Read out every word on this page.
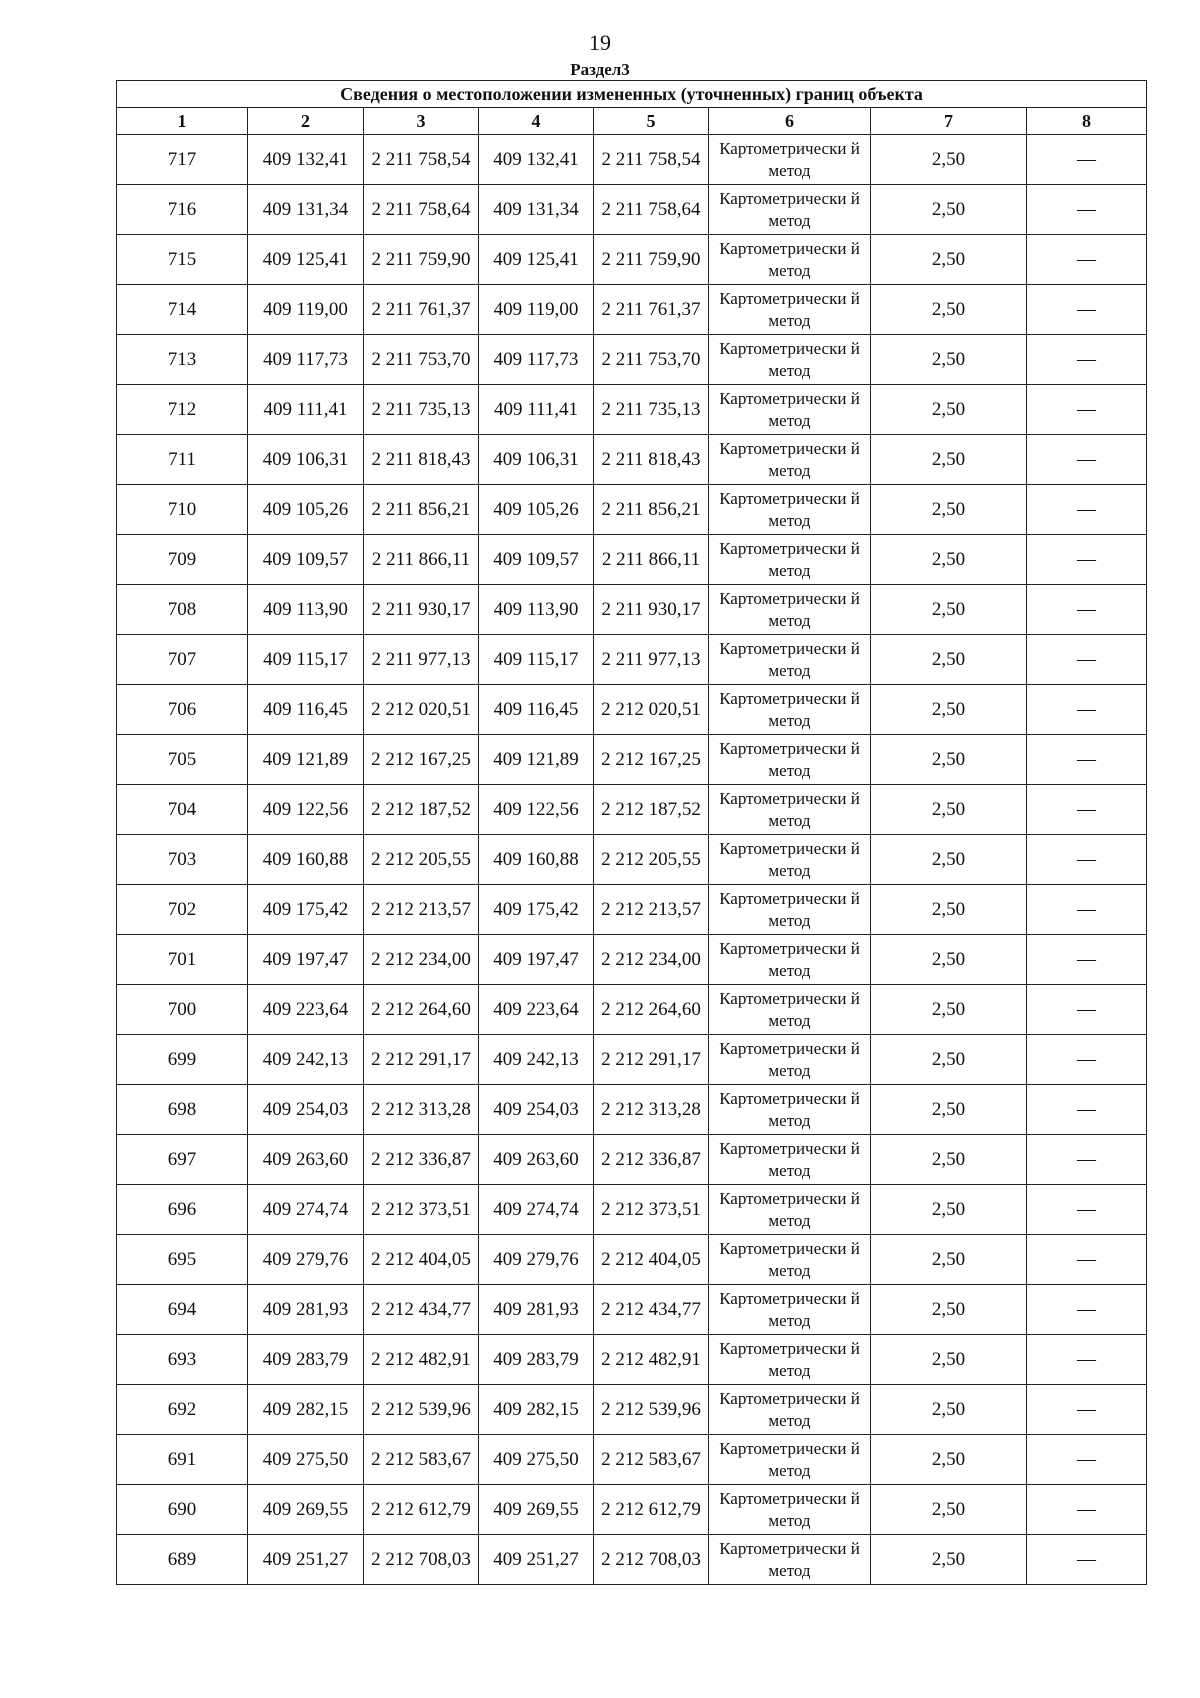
19
Раздел3
Сведения о местоположении измененных (уточненных) границ объекта							
1	2	3	4	5	6	7	8
717	409 132,41	2 211 758,54	409 132,41	2 211 758,54	Картометрически й метод	2,50	—
716	409 131,34	2 211 758,64	409 131,34	2 211 758,64	Картометрически й метод	2,50	—
715	409 125,41	2 211 759,90	409 125,41	2 211 759,90	Картометрически й метод	2,50	—
714	409 119,00	2 211 761,37	409 119,00	2 211 761,37	Картометрически й метод	2,50	—
713	409 117,73	2 211 753,70	409 117,73	2 211 753,70	Картометрически й метод	2,50	—
712	409 111,41	2 211 735,13	409 111,41	2 211 735,13	Картометрически й метод	2,50	—
711	409 106,31	2 211 818,43	409 106,31	2 211 818,43	Картометрически й метод	2,50	—
710	409 105,26	2 211 856,21	409 105,26	2 211 856,21	Картометрически й метод	2,50	—
709	409 109,57	2 211 866,11	409 109,57	2 211 866,11	Картометрически й метод	2,50	—
708	409 113,90	2 211 930,17	409 113,90	2 211 930,17	Картометрически й метод	2,50	—
707	409 115,17	2 211 977,13	409 115,17	2 211 977,13	Картометрически й метод	2,50	—
706	409 116,45	2 212 020,51	409 116,45	2 212 020,51	Картометрически й метод	2,50	—
705	409 121,89	2 212 167,25	409 121,89	2 212 167,25	Картометрически й метод	2,50	—
704	409 122,56	2 212 187,52	409 122,56	2 212 187,52	Картометрически й метод	2,50	—
703	409 160,88	2 212 205,55	409 160,88	2 212 205,55	Картометрически й метод	2,50	—
702	409 175,42	2 212 213,57	409 175,42	2 212 213,57	Картометрически й метод	2,50	—
701	409 197,47	2 212 234,00	409 197,47	2 212 234,00	Картометрически й метод	2,50	—
700	409 223,64	2 212 264,60	409 223,64	2 212 264,60	Картометрически й метод	2,50	—
699	409 242,13	2 212 291,17	409 242,13	2 212 291,17	Картометрически й метод	2,50	—
698	409 254,03	2 212 313,28	409 254,03	2 212 313,28	Картометрически й метод	2,50	—
697	409 263,60	2 212 336,87	409 263,60	2 212 336,87	Картометрически й метод	2,50	—
696	409 274,74	2 212 373,51	409 274,74	2 212 373,51	Картометрически й метод	2,50	—
695	409 279,76	2 212 404,05	409 279,76	2 212 404,05	Картометрически й метод	2,50	—
694	409 281,93	2 212 434,77	409 281,93	2 212 434,77	Картометрически й метод	2,50	—
693	409 283,79	2 212 482,91	409 283,79	2 212 482,91	Картометрически й метод	2,50	—
692	409 282,15	2 212 539,96	409 282,15	2 212 539,96	Картометрически й метод	2,50	—
691	409 275,50	2 212 583,67	409 275,50	2 212 583,67	Картометрически й метод	2,50	—
690	409 269,55	2 212 612,79	409 269,55	2 212 612,79	Картометрически й метод	2,50	—
689	409 251,27	2 212 708,03	409 251,27	2 212 708,03	Картометрически й метод	2,50	—
